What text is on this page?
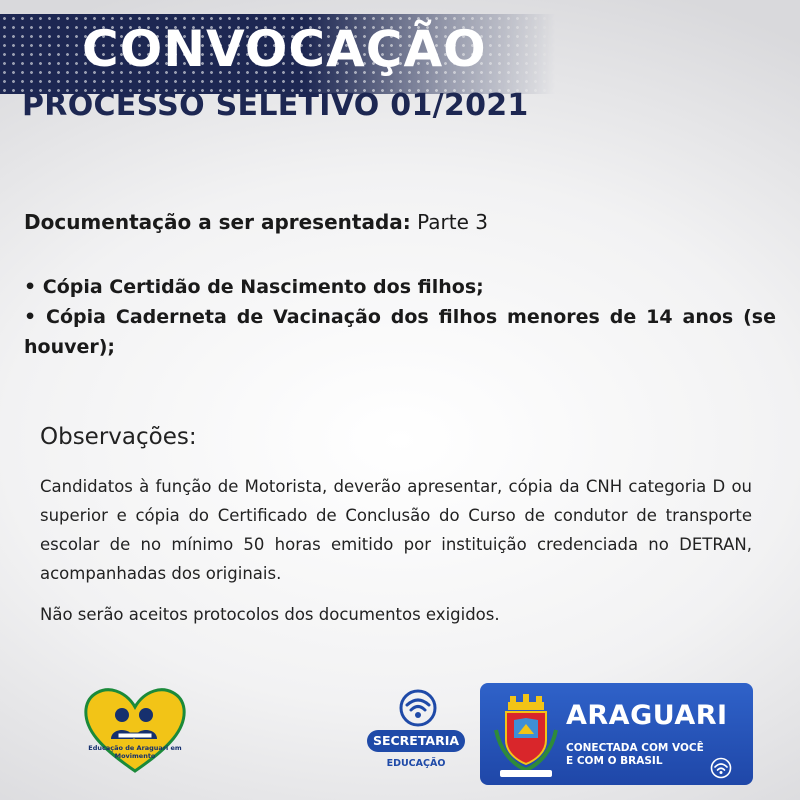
CONVOCAÇÃO
PROCESSO SELETIVO 01/2021

Documentação a ser apresentada: Parte 3

• Cópia Certidão de Nascimento dos filhos;
• Cópia Caderneta de Vacinação dos filhos menores de 14 anos (se houver);
Observações:

Candidatos à função de Motorista, deverão apresentar, cópia da CNH categoria D ou superior e cópia do Certificado de Conclusão do Curso de condutor de transporte escolar de no mínimo 50 horas emitido por instituição credenciada no DETRAN, acompanhadas dos originais.

Não serão aceitos protocolos dos documentos exigidos.

Educação de Araguari em Movimento
SECRETARIA
EDUCAÇÃO
ARAGUARI

CONECTADA COM VOCÊ
E COM O BRASIL
